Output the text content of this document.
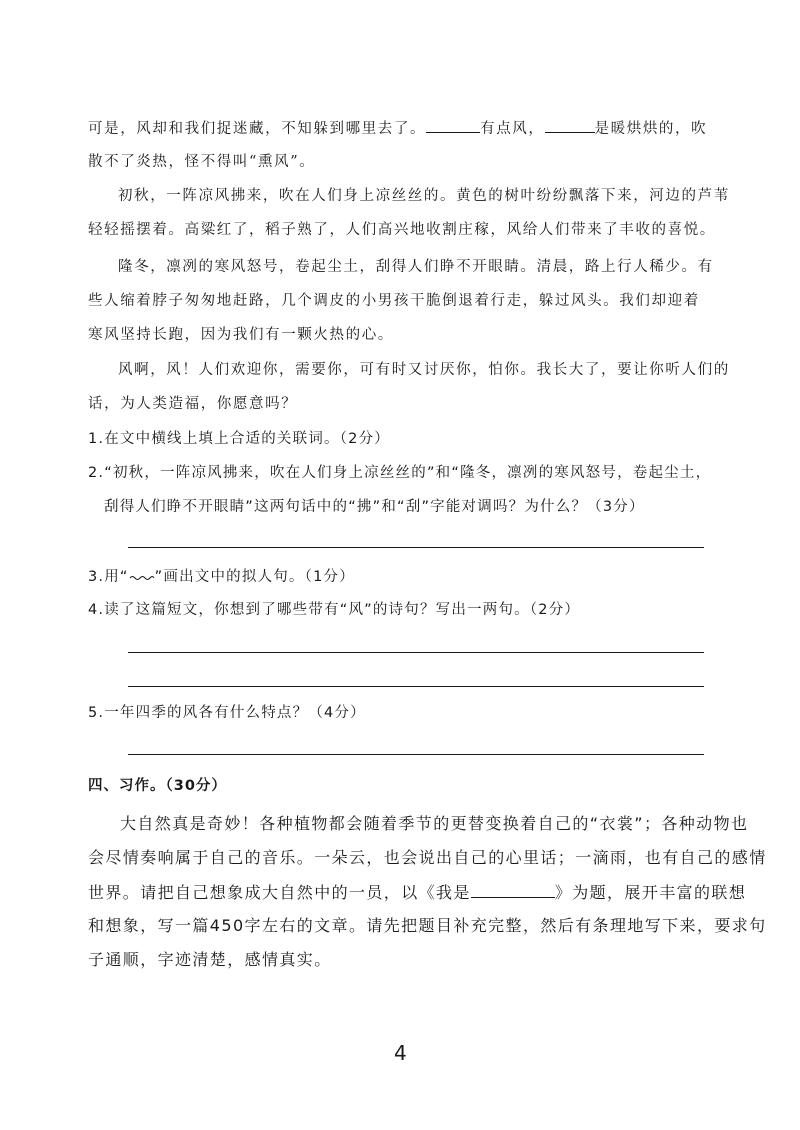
可是，风却和我们捉迷藏，不知躲到哪里去了。	有点风，	是暖烘烘的，吹
散不了炎热，怪不得叫“熏风”。
初秋，一阵凉风拂来，吹在人们身上凉丝丝的。黄色的树叶纷纷飘落下来，河边的芦苇
轻轻摇摆着。高粱红了，稻子熟了，人们高兴地收割庄稼，风给人们带来了丰收的喜悦。
隆冬，凛冽的寒风怒号，卷起尘土，刮得人们睁不开眼睛。清晨，路上行人稀少。有
些人缩着脖子匆匆地赶路，几个调皮的小男孩干脆倒退着行走，躲过风头。我们却迎着
寒风坚持长跑，因为我们有一颗火热的心。
风啊，风！人们欢迎你，需要你，可有时又讨厌你，怕你。我长大了，要让你听人们的
话，为人类造福，你愿意吗？
1.在文中横线上填上合适的关联词。（2分）
2.“初秋，一阵凉风拂来，吹在人们身上凉丝丝的”和“隆冬，凛冽的寒风怒号，卷起尘土，
刮得人们睁不开眼睛”这两句话中的“拂”和“刮”字能对调吗？为什么？（3分）
3.用“ ”画出文中的拟人句。（1分）
4.读了这篇短文，你想到了哪些带有“风”的诗句？写出一两句。（2分）
5.一年四季的风各有什么特点？（4分）
四、习作。（30分）
大自然真是奇妙！各种植物都会随着季节的更替变换着自己的“衣裳”；各种动物也
会尽情奏响属于自己的音乐。一朵云，也会说出自己的心里话；一滴雨，也有自己的感情
世界。请把自己想象成大自然中的一员，以《我是	》为题，展开丰富的联想
和想象，写一篇450字左右的文章。请先把题目补充完整，然后有条理地写下来，要求句
子通顺，字迹清楚，感情真实。
4
